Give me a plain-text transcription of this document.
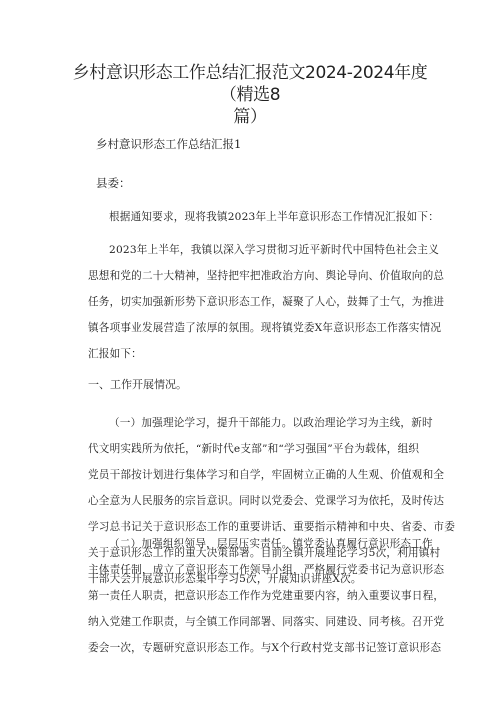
乡村意识形态工作总结汇报范文2024-2024年度（精选8
篇）
乡村意识形态工作总结汇报1
县委：
根据通知要求，现将我镇2023年上半年意识形态工作情况汇报如下：
2023年上半年，我镇以深入学习贯彻习近平新时代中国特色社会主义
思想和党的二十大精神，坚持把牢把准政治方向、舆论导向、价值取向的总
任务，切实加强新形势下意识形态工作，凝聚了人心，鼓舞了士气，为推进
镇各项事业发展营造了浓厚的氛围。现将镇党委X年意识形态工作落实情况
汇报如下：
一、工作开展情况。
（一）加强理论学习，提升干部能力。以政治理论学习为主线，新时
代文明实践所为依托，“新时代e支部”和“学习强国”平台为载体，组织
党员干部按计划进行集体学习和自学，牢固树立正确的人生观、价值观和全
心全意为人民服务的宗旨意识。同时以党委会、党课学习为依托，及时传达
学习总书记关于意识形态工作的重要讲话、重要指示精神和中央、省委、市委
关于意识形态工作的重大决策部署。目前全镇开展理论学习5次，利用镇村
干部大会开展意识形态集中学习5次，开展知识讲座X次。
（二）加强组织领导，层层压实责任。镇党委认真履行意识形态工作
主体责任制，成立了意识形态工作领导小组，严格履行党委书记为意识形态
第一责任人职责，把意识形态工作作为党建重要内容，纳入重要议事日程，
纳入党建工作职责，与全镇工作同部署、同落实、同建设、同考核。召开党
委会一次，专题研究意识形态工作。与X个行政村党支部书记签订意识形态
